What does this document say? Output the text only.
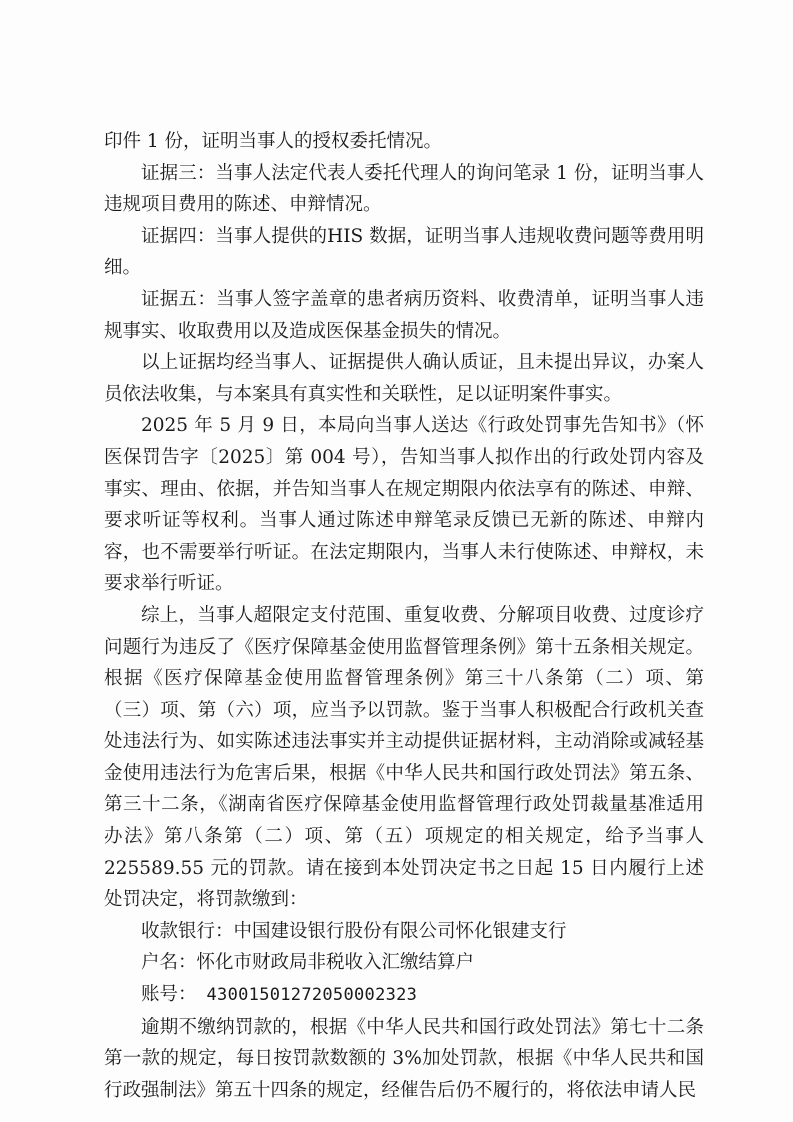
印件 1 份，证明当事人的授权委托情况。

证据三：当事人法定代表人委托代理人的询问笔录 1 份，证明当事人违规项目费用的陈述、申辩情况。

证据四：当事人提供的HIS 数据，证明当事人违规收费问题等费用明细。

证据五：当事人签字盖章的患者病历资料、收费清单，证明当事人违规事实、收取费用以及造成医保基金损失的情况。

以上证据均经当事人、证据提供人确认质证，且未提出异议，办案人员依法收集，与本案具有真实性和关联性，足以证明案件事实。

2025 年 5 月 9 日，本局向当事人送达《行政处罚事先告知书》（怀医保罚告字〔2025〕第 004 号），告知当事人拟作出的行政处罚内容及事实、理由、依据，并告知当事人在规定期限内依法享有的陈述、申辩、要求听证等权利。当事人通过陈述申辩笔录反馈已无新的陈述、申辩内容，也不需要举行听证。在法定期限内，当事人未行使陈述、申辩权，未要求举行听证。

综上，当事人超限定支付范围、重复收费、分解项目收费、过度诊疗问题行为违反了《医疗保障基金使用监督管理条例》第十五条相关规定。根据《医疗保障基金使用监督管理条例》第三十八条第（二）项、第（三）项、第（六）项，应当予以罚款。鉴于当事人积极配合行政机关查处违法行为、如实陈述违法事实并主动提供证据材料，主动消除或减轻基金使用违法行为危害后果，根据《中华人民共和国行政处罚法》第五条、第三十二条，《湖南省医疗保障基金使用监督管理行政处罚裁量基准适用办法》第八条第（二）项、第（五）项规定的相关规定，给予当事人 225589.55 元的罚款。请在接到本处罚决定书之日起 15 日内履行上述处罚决定，将罚款缴到：

收款银行：中国建设银行股份有限公司怀化银建支行
户名：怀化市财政局非税收入汇缴结算户
账号： 43001501272050002323

逾期不缴纳罚款的，根据《中华人民共和国行政处罚法》第七十二条第一款的规定，每日按罚款数额的 3%加处罚款，根据《中华人民共和国行政强制法》第五十四条的规定，经催告后仍不履行的，将依法申请人民
